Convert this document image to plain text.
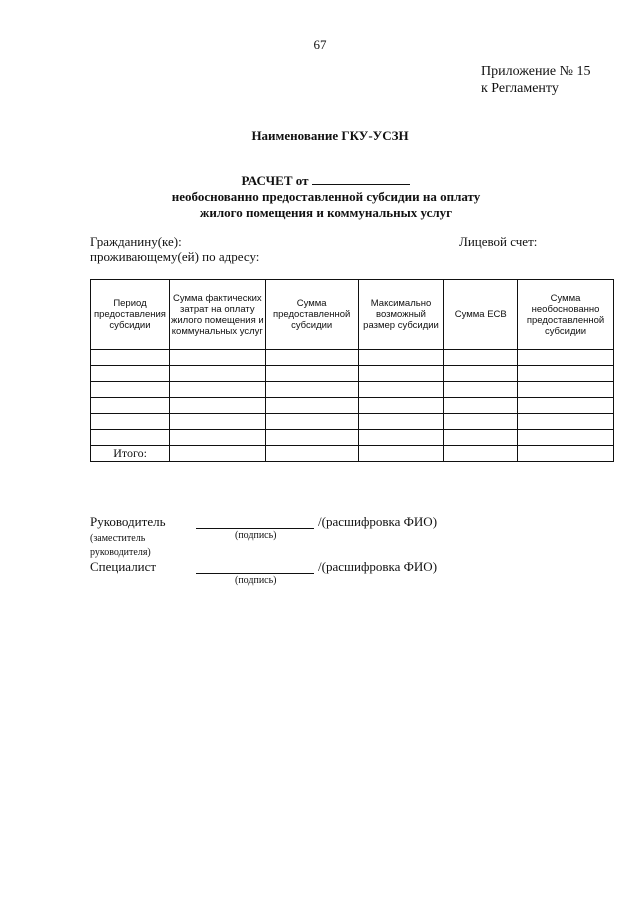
67
Приложение № 15
к Регламенту
Наименование ГКУ-УСЗН
РАСЧЕТ от
необоснованно предоставленной субсидии на оплату
жилого помещения и коммунальных услуг
Гражданину(ке):
проживающему(ей) по адресу:
Лицевой счет:
Период предоставления субсидии	Сумма фактических затрат на оплату жилого помещения и коммунальных услуг	Сумма предоставленной субсидии	Максимально возможный размер субсидии	Сумма ЕСВ	Сумма необоснованно предоставленной субсидии

Итого:					
Руководитель
(заместитель
руководителя)
(подпись)
/(расшифровка ФИО)
Специалист
(подпись)
/(расшифровка ФИО)
